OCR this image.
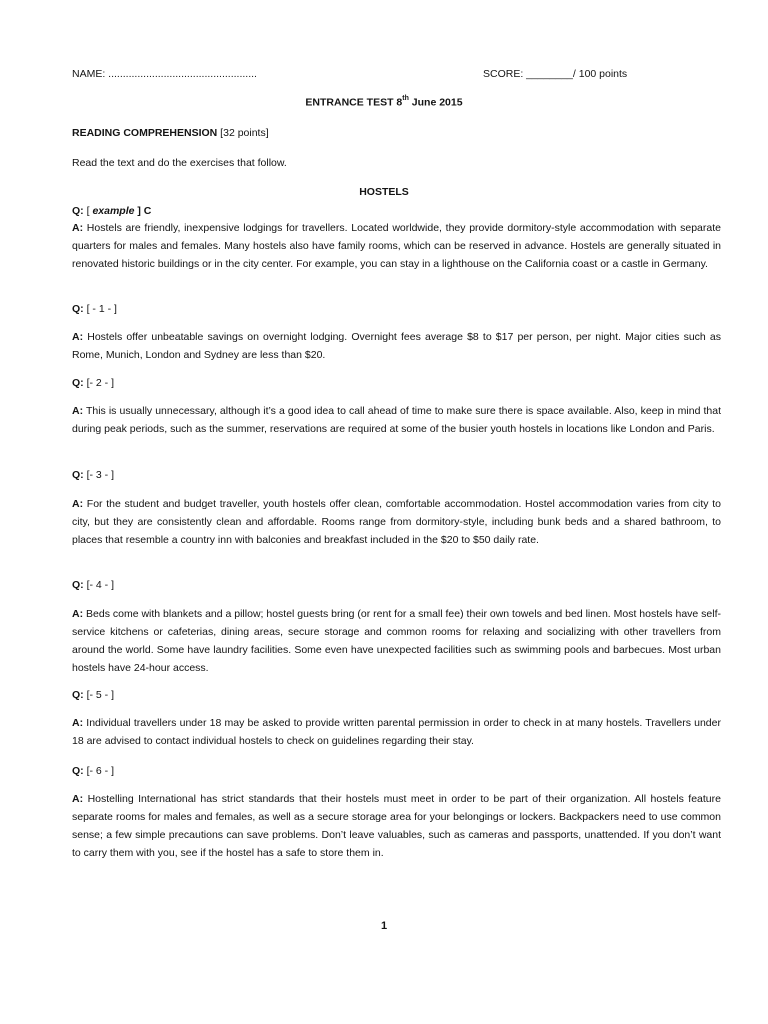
NAME: ...................................................	SCORE: ________/ 100 points
ENTRANCE TEST 8th June 2015
READING COMPREHENSION [32 points]
Read the text and do the exercises that follow.
HOSTELS
Q: [ example ] C
A: Hostels are friendly, inexpensive lodgings for travellers. Located worldwide, they provide dormitory-style accommodation with separate quarters for males and females. Many hostels also have family rooms, which can be reserved in advance. Hostels are generally situated in renovated historic buildings or in the city center. For example, you can stay in a lighthouse on the California coast or a castle in Germany.
Q: [ - 1 - ]
A: Hostels offer unbeatable savings on overnight lodging. Overnight fees average $8 to $17 per person, per night. Major cities such as Rome, Munich, London and Sydney are less than $20.
Q: [- 2 - ]
A: This is usually unnecessary, although it’s a good idea to call ahead of time to make sure there is space available. Also, keep in mind that during peak periods, such as the summer, reservations are required at some of the busier youth hostels in locations like London and Paris.
Q: [- 3 - ]
A: For the student and budget traveller, youth hostels offer clean, comfortable accommodation. Hostel accommodation varies from city to city, but they are consistently clean and affordable. Rooms range from dormitory-style, including bunk beds and a shared bathroom, to places that resemble a country inn with balconies and breakfast included in the $20 to $50 daily rate.
Q: [- 4 - ]
A: Beds come with blankets and a pillow; hostel guests bring (or rent for a small fee) their own towels and bed linen. Most hostels have self-service kitchens or cafeterias, dining areas, secure storage and common rooms for relaxing and socializing with other travellers from around the world. Some have laundry facilities. Some even have unexpected facilities such as swimming pools and barbecues. Most urban hostels have 24-hour access.
Q: [- 5 - ]
A: Individual travellers under 18 may be asked to provide written parental permission in order to check in at many hostels. Travellers under 18 are advised to contact individual hostels to check on guidelines regarding their stay.
Q: [- 6 - ]
A: Hostelling International has strict standards that their hostels must meet in order to be part of their organization. All hostels feature separate rooms for males and females, as well as a secure storage area for your belongings or lockers. Backpackers need to use common sense; a few simple precautions can save problems. Don’t leave valuables, such as cameras and passports, unattended. If you don’t want to carry them with you, see if the hostel has a safe to store them in.
1
